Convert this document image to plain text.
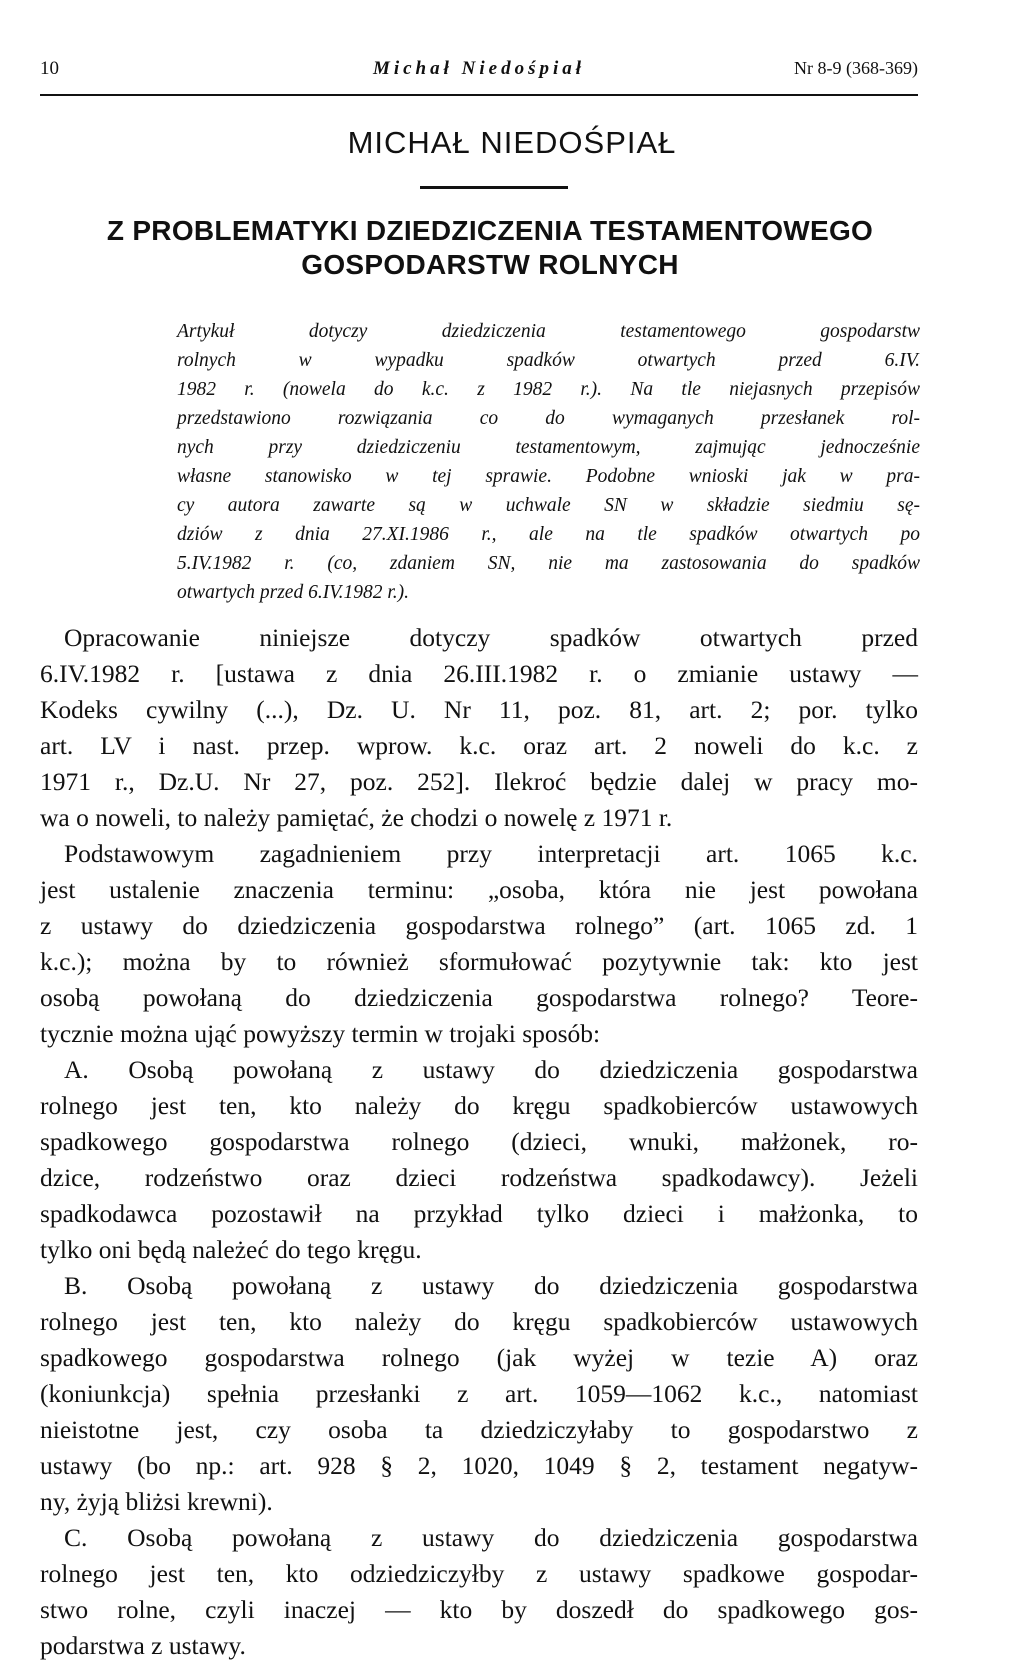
10	Michał Niedośpiał	Nr 8-9 (368-369)
MICHAŁ NIEDOŚPIAŁ
Z PROBLEMATYKI DZIEDZICZENIA TESTAMENTOWEGO
GOSPODARSTW ROLNYCH
Artykuł dotyczy dziedziczenia testamentowego gospodarstw
rolnych w wypadku spadków otwartych przed 6.IV.
1982 r. (nowela do k.c. z 1982 r.). Na tle niejasnych przepisów
przedstawiono rozwiązania co do wymaganych przesłanek rol-
nych przy dziedziczeniu testamentowym, zajmując jednocześnie
własne stanowisko w tej sprawie. Podobne wnioski jak w pra-
cy autora zawarte są w uchwale SN w składzie siedmiu sę-
dziów z dnia 27.XI.1986 r., ale na tle spadków otwartych po
5.IV.1982 r. (co, zdaniem SN, nie ma zastosowania do spadków
otwartych przed 6.IV.1982 r.).
Opracowanie niniejsze dotyczy spadków otwartych przed
6.IV.1982 r. [ustawa z dnia 26.III.1982 r. o zmianie ustawy —
Kodeks cywilny (...), Dz. U. Nr 11, poz. 81, art. 2; por. tylko
art. LV i nast. przep. wprow. k.c. oraz art. 2 noweli do k.c. z
1971 r., Dz.U. Nr 27, poz. 252]. Ilekroć będzie dalej w pracy mo-
wa o noweli, to należy pamiętać, że chodzi o nowelę z 1971 r.
Podstawowym zagadnieniem przy interpretacji art. 1065 k.c.
jest ustalenie znaczenia terminu: „osoba, która nie jest powołana
z ustawy do dziedziczenia gospodarstwa rolnego” (art. 1065 zd. 1
k.c.); można by to również sformułować pozytywnie tak: kto jest
osobą powołaną do dziedziczenia gospodarstwa rolnego? Teore-
tycznie można ująć powyższy termin w trojaki sposób:
A. Osobą powołaną z ustawy do dziedziczenia gospodarstwa
rolnego jest ten, kto należy do kręgu spadkobierców ustawowych
spadkowego gospodarstwa rolnego (dzieci, wnuki, małżonek, ro-
dzice, rodzeństwo oraz dzieci rodzeństwa spadkodawcy). Jeżeli
spadkodawca pozostawił na przykład tylko dzieci i małżonka, to
tylko oni będą należeć do tego kręgu.
B. Osobą powołaną z ustawy do dziedziczenia gospodarstwa
rolnego jest ten, kto należy do kręgu spadkobierców ustawowych
spadkowego gospodarstwa rolnego (jak wyżej w tezie A) oraz
(koniunkcja) spełnia przesłanki z art. 1059—1062 k.c., natomiast
nieistotne jest, czy osoba ta dziedziczyłaby to gospodarstwo z
ustawy (bo np.: art. 928 § 2, 1020, 1049 § 2, testament negatyw-
ny, żyją bliżsi krewni).
C. Osobą powołaną z ustawy do dziedziczenia gospodarstwa
rolnego jest ten, kto odziedziczyłby z ustawy spadkowe gospodar-
stwo rolne, czyli inaczej — kto by doszedł do spadkowego gos-
podarstwa z ustawy.
